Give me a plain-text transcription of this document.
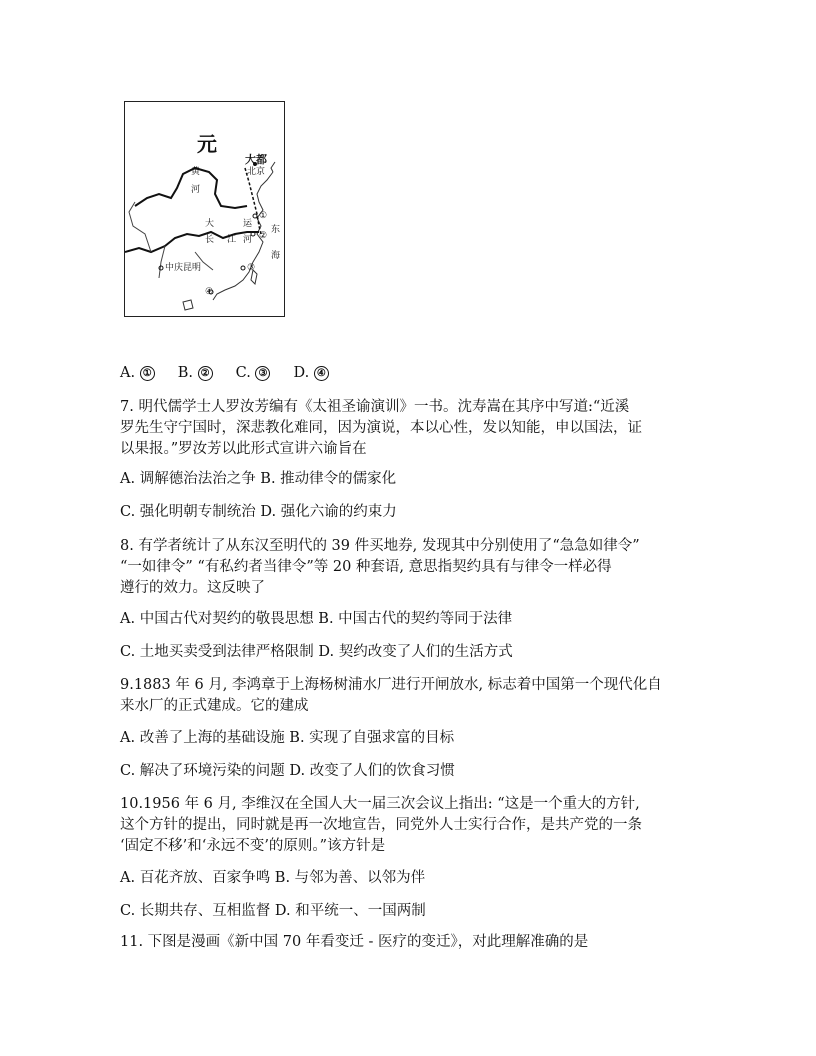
元
大都
北京
黄
河
大	运
河
长 江
东
海
中庆昆明
①
②
③
④
A. ① B. ② C. ③ D. ④
7. 明代儒学士人罗汝芳编有《太祖圣谕演训》一书。沈寿嵩在其序中写道:“近溪
罗先生守宁国时，深悲教化难同，因为演说，本以心性，发以知能，申以国法，证
以果报。”罗汝芳以此形式宣讲六谕旨在
A. 调解德治法治之争 B. 推动律令的儒家化
C. 强化明朝专制统治 D. 强化六谕的约束力
8. 有学者统计了从东汉至明代的 39 件买地券, 发现其中分别使用了“急急如律令”
“一如律令” “有私约者当律令”等 20 种套语, 意思指契约具有与律令一样必得
遵行的效力。这反映了
A. 中国古代对契约的敬畏思想 B. 中国古代的契约等同于法律
C. 土地买卖受到法律严格限制 D. 契约改变了人们的生活方式
9.1883 年 6 月, 李鸿章于上海杨树浦水厂进行开闸放水, 标志着中国第一个现代化自
来水厂的正式建成。它的建成
A. 改善了上海的基础设施 B. 实现了自强求富的目标
C. 解决了环境污染的问题 D. 改变了人们的饮食习惯
10.1956 年 6 月, 李维汉在全国人大一届三次会议上指出: “这是一个重大的方针,
这个方针的提出，同时就是再一次地宣告，同党外人士实行合作，是共产党的一条
‘固定不移’和‘永远不变’的原则。”该方针是
A. 百花齐放、百家争鸣 B. 与邻为善、以邻为伴
C. 长期共存、互相监督 D. 和平统一、一国两制
11. 下图是漫画《新中国 70 年看变迁 - 医疗的变迁》，对此理解准确的是
